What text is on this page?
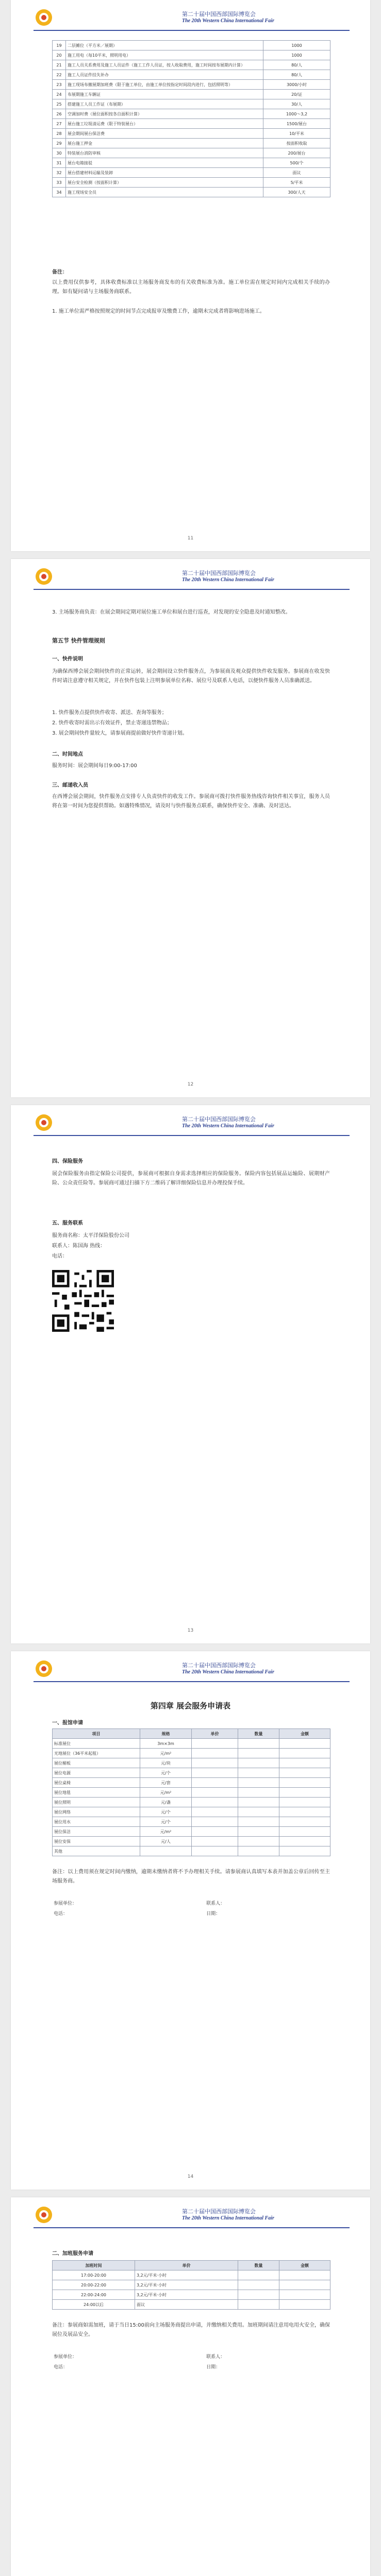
第二十届中国西部国际博览会
The 20th Western China International Fair
19	二层摊位（平方米／展期）	1000
20	施工用电（每10平米，照明用电）	1000
21	施工人员关系费用及施工人员证件（施工工作人员证，按人收取费用，施工时间按布展期内计算）	80/人
22	施工人员证件挂失补办	80/人
23	施工现场布撤展期加班费（限于施工单位，由施工单位按指定时间段内进行，包括照明等）	3000/小时
24	布展期施工车辆证	20/证
25	搭建施工人员工作证（布展期）	30/人
26	空调加时费（展位面积按各自面积计算）	1000～3,2
27	展台施工垃圾清运费（限于特装展台）	1500/展台
28	展会期间展台保洁费	10/平米
29	展台施工押金	按面积收取
30	特装展台消防审核	200/展台
31	展台电箱接驳	500/个
32	展台搭建材料运输及装卸	面议
33	展台安全检测（按面积计算）	5/平米
34	施工现场安全员	300/人天
备注：
以上费用仅供参考，具体收费标准以主场服务商发布的有关收费标准为准。施工单位需在规定时间内完成相关手续的办理。如有疑问请与主场服务商联系。
1. 施工单位需严格按照规定的时间节点完成报审及缴费工作，逾期未完成者将影响进场施工。
11
第二十届中国西部国际博览会
The 20th Western China International Fair
3. 主场服务商负责：在展会期间定期对展位施工单位和展台进行巡查，对发现的安全隐患及时通知整改。
第五节 快件管理规则
一、快件说明
为确保西博会展会期间快件的正常运转，展会期间设立快件服务点，为参展商及观众提供快件收发服务。参展商在收发快件时请注意遵守相关规定，并在快件包装上注明参展单位名称、展位号及联系人电话，以便快件服务人员准确派送。
1. 快件服务点提供快件收寄、派送、查询等服务；
2. 快件收寄时需出示有效证件，禁止寄递违禁物品；
3. 展会期间快件量较大，请参展商提前做好快件寄递计划。
二、时间地点
服务时间：展会期间每日9:00-17:00
三、邮递收入员
在西博会展会期间，快件服务点安排专人负责快件的收发工作。参展商可拨打快件服务热线咨询快件相关事宜，服务人员将在第一时间为您提供帮助。如遇特殊情况，请及时与快件服务点联系，确保快件安全、准确、及时送达。
12
第二十届中国西部国际博览会
The 20th Western China International Fair
四、保险服务
展会保险服务由指定保险公司提供，参展商可根据自身需求选择相应的保险服务。保险内容包括展品运输险、展期财产险、公众责任险等。参展商可通过扫描下方二维码了解详细保险信息并办理投保手续。
五、服务联系
服务商名称：太平洋保险股份公司
联系人：陈国海 热线：
电话：
13
第二十届中国西部国际博览会
The 20th Western China International Fair
第四章 展会服务申请表
一、报馆申请
项目	规格	单价	数量	金额
标准展位	3m×3m			
光地展位（36平米起租）	元/m²			
展位楣板	元/块			
展位电源	元/个			
展位桌椅	元/套			
展位地毯	元/m²			
展位照明	元/盏			
展位网络	元/个			
展位用水	元/个			
展位保洁	元/m²			
展位安保	元/人			
其他				
备注：以上费用须在规定时间内缴纳，逾期未缴纳者将不予办理相关手续。请参展商认真填写本表并加盖公章后回传至主场服务商。
参展单位：	联系人：
电话：	日期：
14
第二十届中国西部国际博览会
The 20th Western China International Fair
二、加班服务申请
加班时间	单价	数量	金额
17:00-20:00	3,2元/平米·小时		
20:00-22:00	3,2元/平米·小时		
22:00-24:00	3,2元/平米·小时		
24:00以后	面议		
备注：参展商如需加班，请于当日15:00前向主场服务商提出申请，并缴纳相关费用。加班期间请注意用电用火安全，确保展位及展品安全。
参展单位：	联系人：
电话：	日期：
